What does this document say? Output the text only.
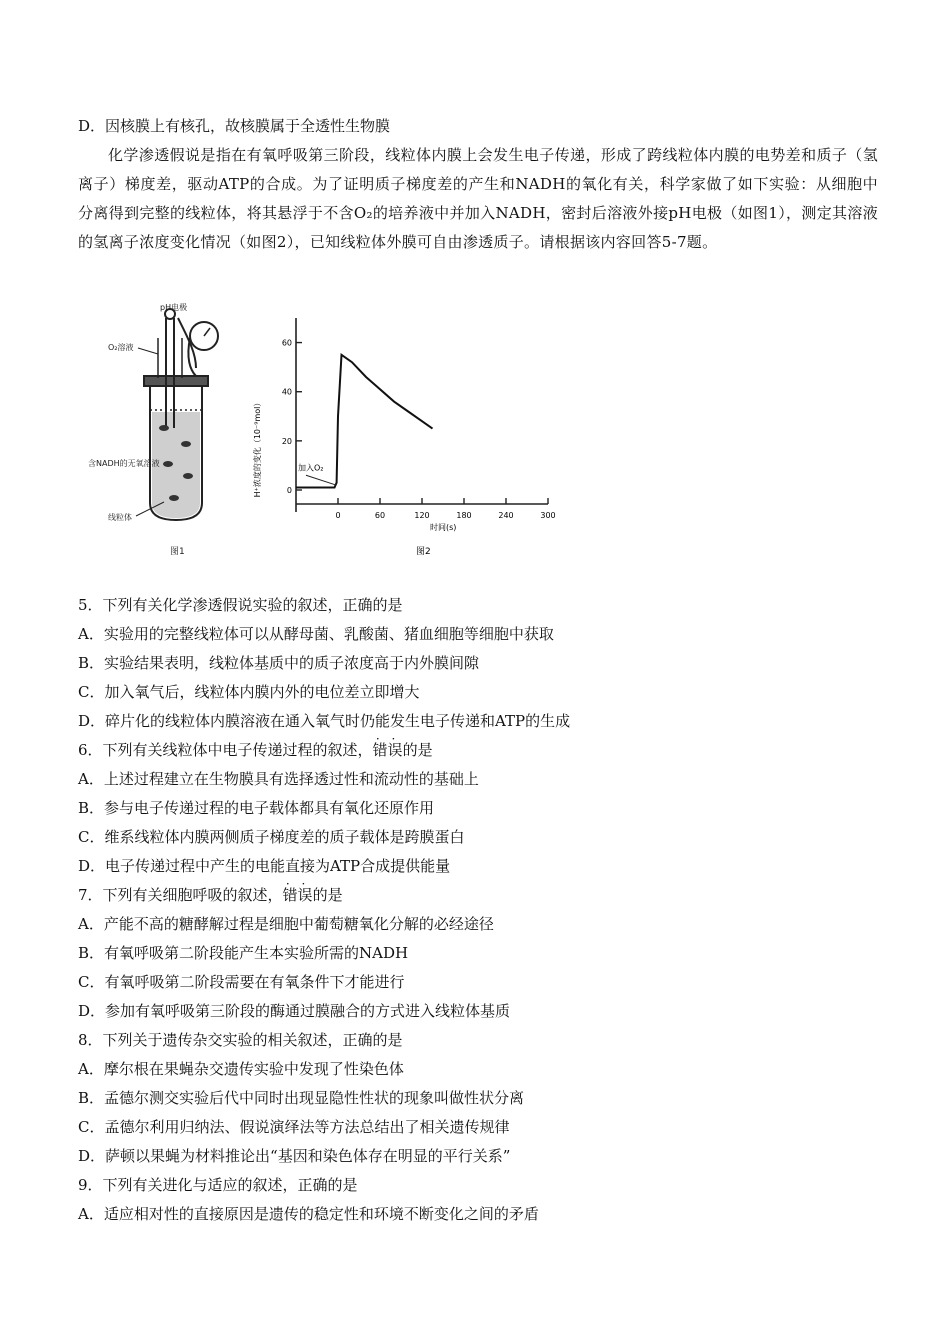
D．因核膜上有核孔，故核膜属于全透性生物膜
化学渗透假说是指在有氧呼吸第三阶段，线粒体内膜上会发生电子传递，形成了跨线粒体内膜的电势差和质子（氢离子）梯度差，驱动ATP的合成。为了证明质子梯度差的产生和NADH的氧化有关，科学家做了如下实验：从细胞中分离得到完整的线粒体，将其悬浮于不含O₂的培养液中并加入NADH，密封后溶液外接pH电极（如图1），测定其溶液的氢离子浓度变化情况（如图2），已知线粒体外膜可自由渗透质子。请根据该内容回答5-7题。
pH电极
O₂溶液
含NADH的无氧溶液
线粒体
图1
H⁺浓度的变化（10⁻⁹mol）
时间(s)
加入O₂
图2
0	60	120	180	240	300
0
20
40
60
5．下列有关化学渗透假说实验的叙述，正确的是
A．实验用的完整线粒体可以从酵母菌、乳酸菌、猪血细胞等细胞中获取
B．实验结果表明，线粒体基质中的质子浓度高于内外膜间隙
C．加入氧气后，线粒体内膜内外的电位差立即增大
D．碎片化的线粒体内膜溶液在通入氧气时仍能发生电子传递和ATP的生成
6．下列有关线粒体中电子传递过程的叙述，错误 · ·的是
A．上述过程建立在生物膜具有选择透过性和流动性的基础上
B．参与电子传递过程的电子载体都具有氧化还原作用
C．维系线粒体内膜两侧质子梯度差的质子载体是跨膜蛋白
D．电子传递过程中产生的电能直接为ATP合成提供能量
7．下列有关细胞呼吸的叙述，错误 · ·的是
A．产能不高的糖酵解过程是细胞中葡萄糖氧化分解的必经途径
B．有氧呼吸第二阶段能产生本实验所需的NADH
C．有氧呼吸第二阶段需要在有氧条件下才能进行
D．参加有氧呼吸第三阶段的酶通过膜融合的方式进入线粒体基质
8．下列关于遗传杂交实验的相关叙述，正确的是
A．摩尔根在果蝇杂交遗传实验中发现了性染色体
B．孟德尔测交实验后代中同时出现显隐性性状的现象叫做性状分离
C．孟德尔利用归纳法、假说演绎法等方法总结出了相关遗传规律
D．萨顿以果蝇为材料推论出“基因和染色体存在明显的平行关系”
9．下列有关进化与适应的叙述，正确的是
A．适应相对性的直接原因是遗传的稳定性和环境不断变化之间的矛盾
